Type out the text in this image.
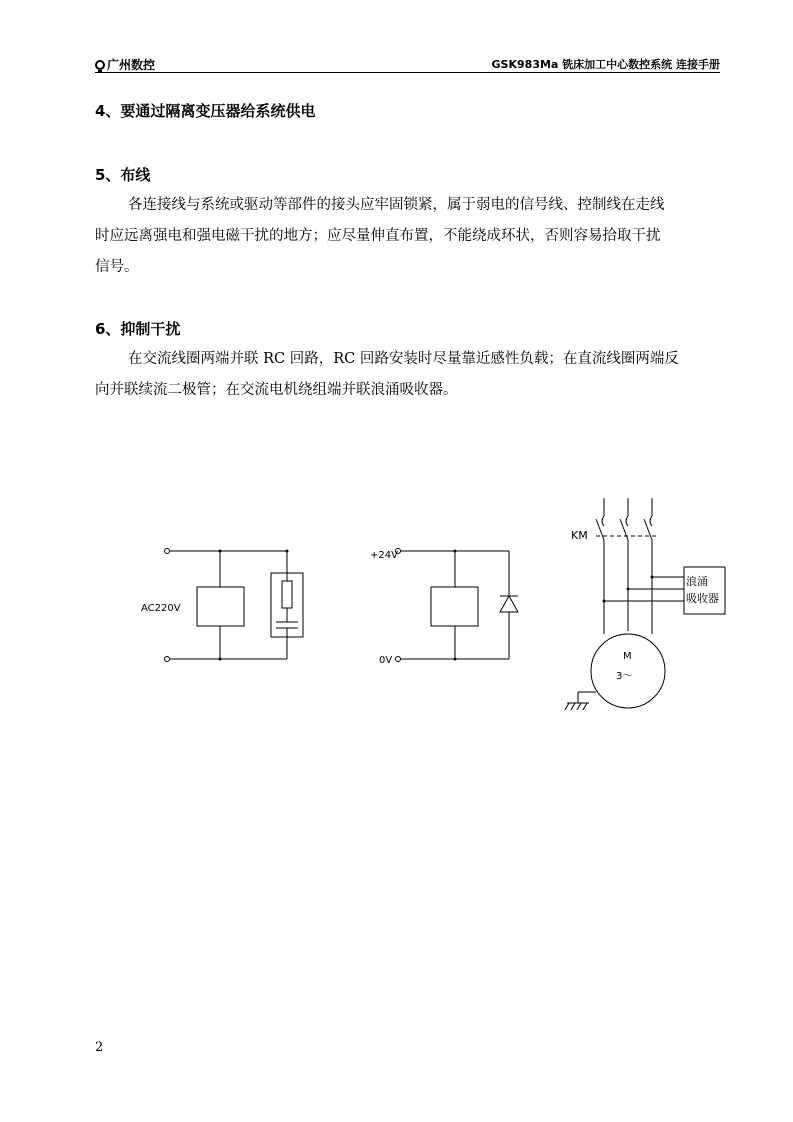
广州数控	GSK983Ma 铣床加工中心数控系统 连接手册
4、要通过隔离变压器给系统供电
5、布线
各连接线与系统或驱动等部件的接头应牢固锁紧，属于弱电的信号线、控制线在走线
时应远离强电和强电磁干扰的地方；应尽量伸直布置，不能绕成环状，否则容易拾取干扰
信号。
6、抑制干扰
在交流线圈两端并联 RC 回路，RC 回路安装时尽量靠近感性负载；在直流线圈两端反
向并联续流二极管；在交流电机绕组端并联浪涌吸收器。
AC220V
+24V
0V
KM
浪涌
吸收器
M
3～
2
